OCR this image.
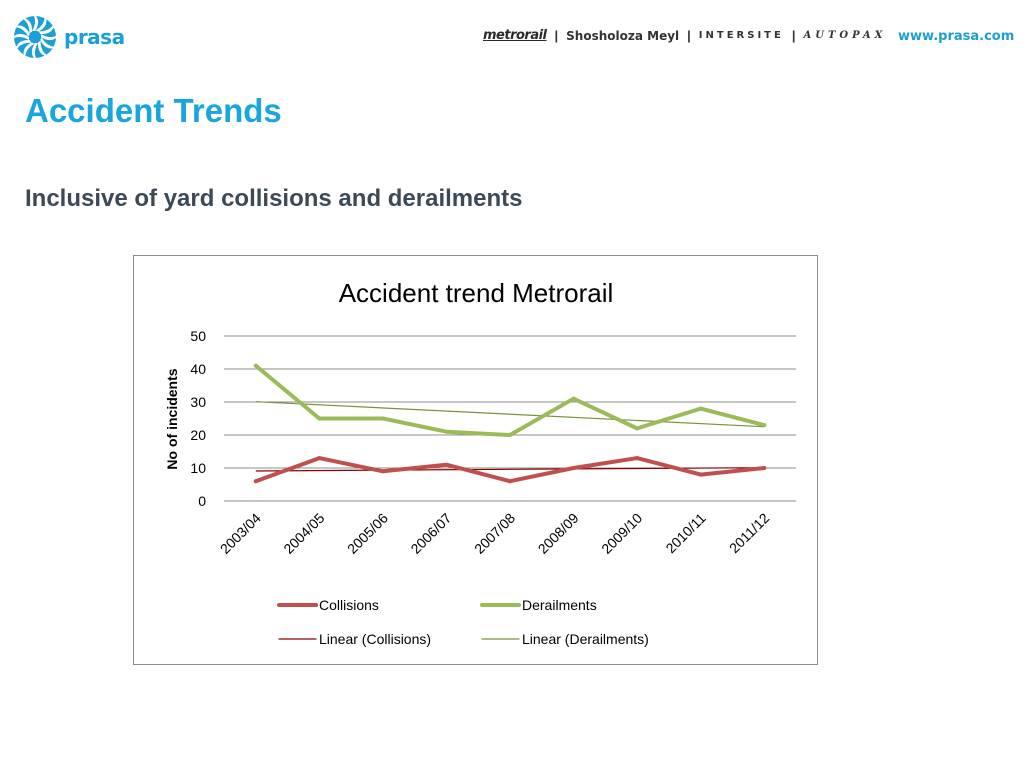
prasa	metrorail | Shosholoza Meyl | INTERSITE | AUTOPAX www.prasa.com
Accident Trends
Inclusive of yard collisions and derailments
Accident trend Metrorail
No of incidents
0
10
20
30
40
50
2003/04 2004/05 2005/06 2006/07 2007/08 2008/09 2009/10 2010/11 2011/12
Collisions	Derailments
Linear (Collisions)	Linear (Derailments)
